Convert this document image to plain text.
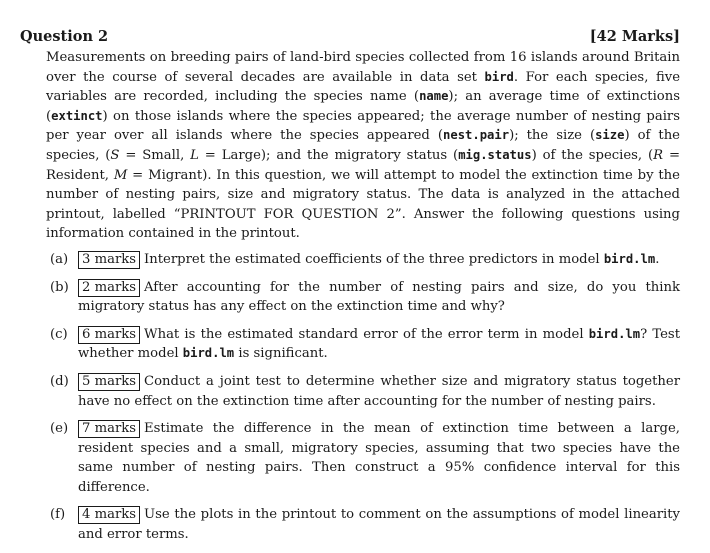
Question 2	[42 Marks]
Measurements on breeding pairs of land-bird species collected from 16 islands around Britain over the course of several decades are available in data set bird. For each species, five variables are recorded, including the species name (name); an average time of extinctions (extinct) on those islands where the species appeared; the average number of nesting pairs per year over all islands where the species appeared (nest.pair); the size (size) of the species, (S = Small, L = Large); and the migratory status (mig.status) of the species, (R = Resident, M = Migrant). In this question, we will attempt to model the extinction time by the number of nesting pairs, size and migratory status. The data is analyzed in the attached printout, labelled “PRINTOUT FOR QUESTION 2”. Answer the following questions using information contained in the printout.
(a)	3 marks Interpret the estimated coefficients of the three predictors in model bird.lm.
(b)	2 marks After accounting for the number of nesting pairs and size, do you think migratory status has any effect on the extinction time and why?
(c)	6 marks What is the estimated standard error of the error term in model bird.lm? Test whether model bird.lm is significant.
(d)	5 marks Conduct a joint test to determine whether size and migratory status together have no effect on the extinction time after accounting for the number of nesting pairs.
(e)	7 marks Estimate the difference in the mean of extinction time between a large, resident species and a small, migratory species, assuming that two species have the same number of nesting pairs. Then construct a 95% confidence interval for this difference.
(f)	4 marks Use the plots in the printout to comment on the assumptions of model linearity and error terms.
